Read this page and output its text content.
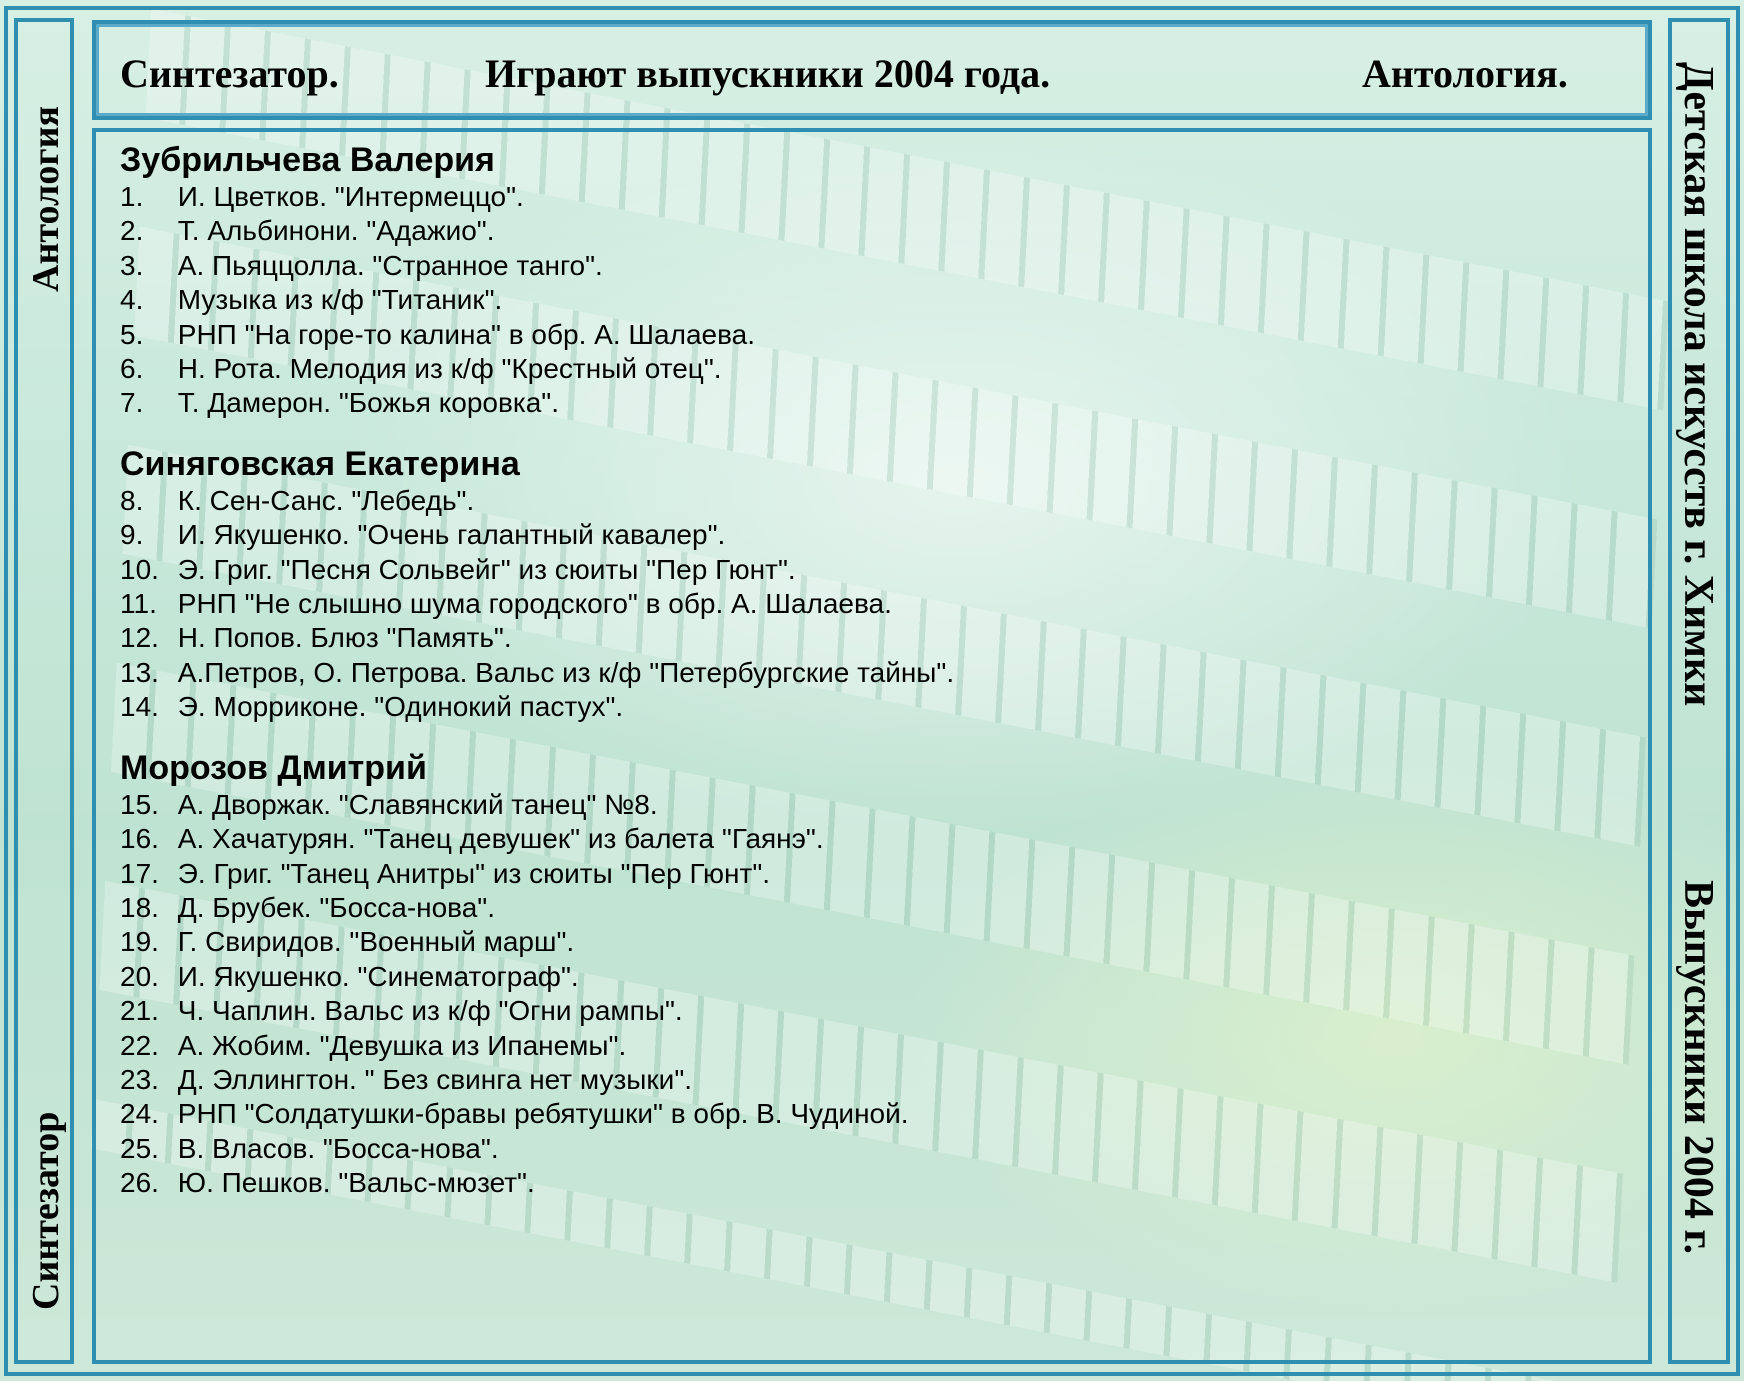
Антология
Синтезатор
Детская школа искусств г. Химки
Выпускники 2004 г.
Синтезатор.	Играют выпускники 2004 года.	Антология.
Зубрильчева Валерия
1. И. Цветков. "Интермеццо".
2. Т. Альбинони. "Адажио".
3. А. Пьяццолла. "Странное танго".
4. Музыка из к/ф "Титаник".
5. РНП "На горе-то калина" в обр. А. Шалаева.
6. Н. Рота. Мелодия из к/ф "Крестный отец".
7. Т. Дамерон. "Божья коровка".
Синяговская Екатерина
8. К. Сен-Санс. "Лебедь".
9. И. Якушенко. "Очень галантный кавалер".
10. Э. Григ. "Песня Сольвейг" из сюиты "Пер Гюнт".
11. РНП "Не слышно шума городского" в обр. А. Шалаева.
12. Н. Попов. Блюз "Память".
13. А.Петров, О. Петрова. Вальс из к/ф "Петербургские тайны".
14. Э. Морриконе. "Одинокий пастух".
Морозов Дмитрий
15. А. Дворжак. "Славянский танец" №8.
16. А. Хачатурян. "Танец девушек" из балета "Гаянэ".
17. Э. Григ. "Танец Анитры" из сюиты "Пер Гюнт".
18. Д. Брубек. "Босса-нова".
19. Г. Свиридов. "Военный марш".
20. И. Якушенко. "Синематограф".
21. Ч. Чаплин. Вальс из к/ф "Огни рампы".
22. А. Жобим. "Девушка из Ипанемы".
23. Д. Эллингтон. " Без свинга нет музыки".
24. РНП "Солдатушки-бравы ребятушки" в обр. В. Чудиной.
25. В. Власов. "Босса-нова".
26. Ю. Пешков. "Вальс-мюзет".
